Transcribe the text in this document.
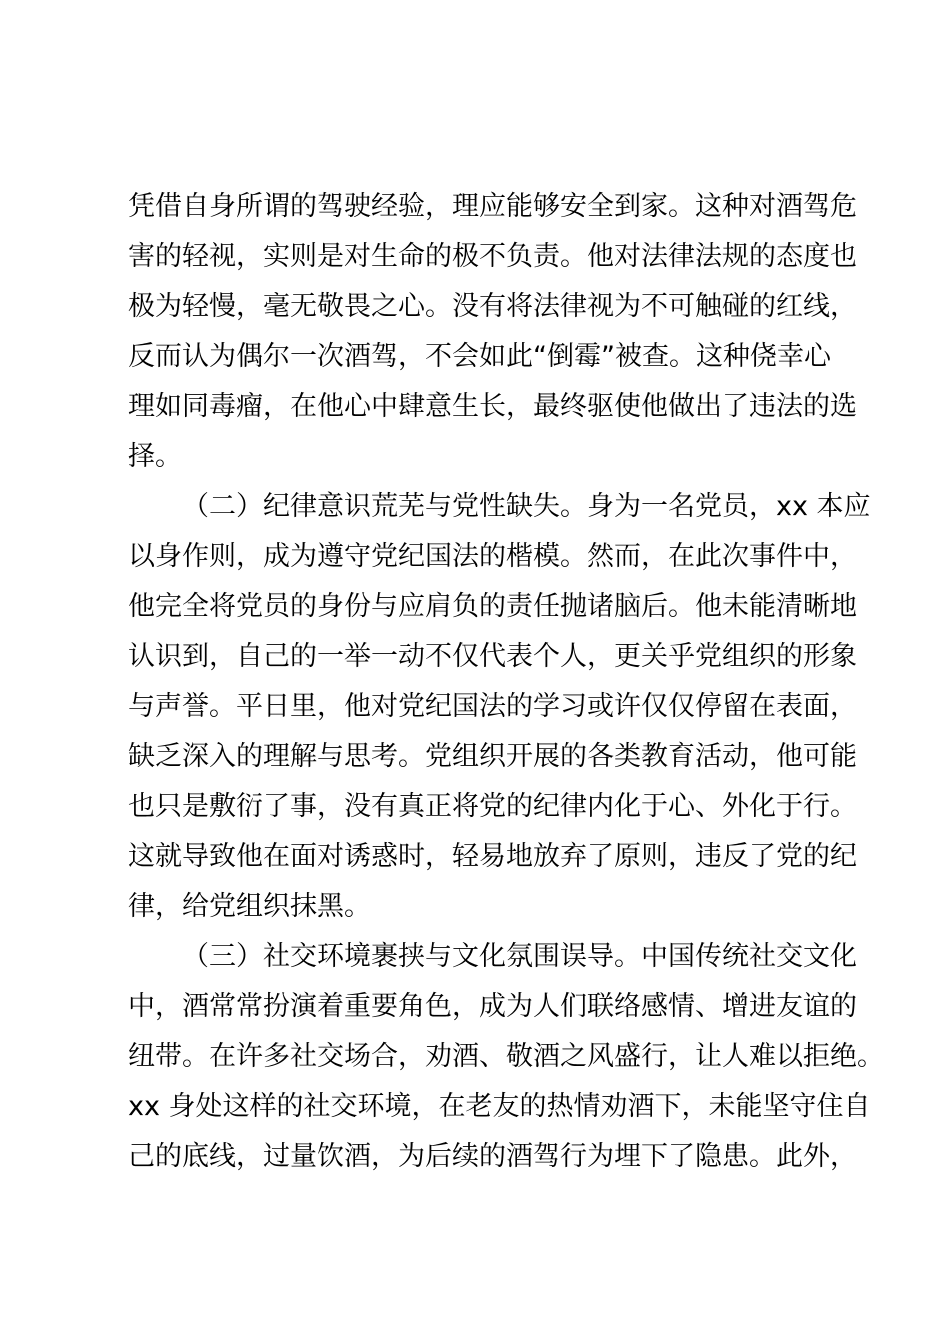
凭借自身所谓的驾驶经验，理应能够安全到家。这种对酒驾危
害的轻视，实则是对生命的极不负责。他对法律法规的态度也
极为轻慢，毫无敬畏之心。没有将法律视为不可触碰的红线，
反而认为偶尔一次酒驾，不会如此“倒霉”被查。这种侥幸心
理如同毒瘤，在他心中肆意生长，最终驱使他做出了违法的选
择。
（二）纪律意识荒芜与党性缺失。身为一名党员，xx 本应
以身作则，成为遵守党纪国法的楷模。然而，在此次事件中，
他完全将党员的身份与应肩负的责任抛诸脑后。他未能清晰地
认识到，自己的一举一动不仅代表个人，更关乎党组织的形象
与声誉。平日里，他对党纪国法的学习或许仅仅停留在表面，
缺乏深入的理解与思考。党组织开展的各类教育活动，他可能
也只是敷衍了事，没有真正将党的纪律内化于心、外化于行。
这就导致他在面对诱惑时，轻易地放弃了原则，违反了党的纪
律，给党组织抹黑。
（三）社交环境裹挟与文化氛围误导。中国传统社交文化
中，酒常常扮演着重要角色，成为人们联络感情、增进友谊的
纽带。在许多社交场合，劝酒、敬酒之风盛行，让人难以拒绝。
xx 身处这样的社交环境，在老友的热情劝酒下，未能坚守住自
己的底线，过量饮酒，为后续的酒驾行为埋下了隐患。此外，
